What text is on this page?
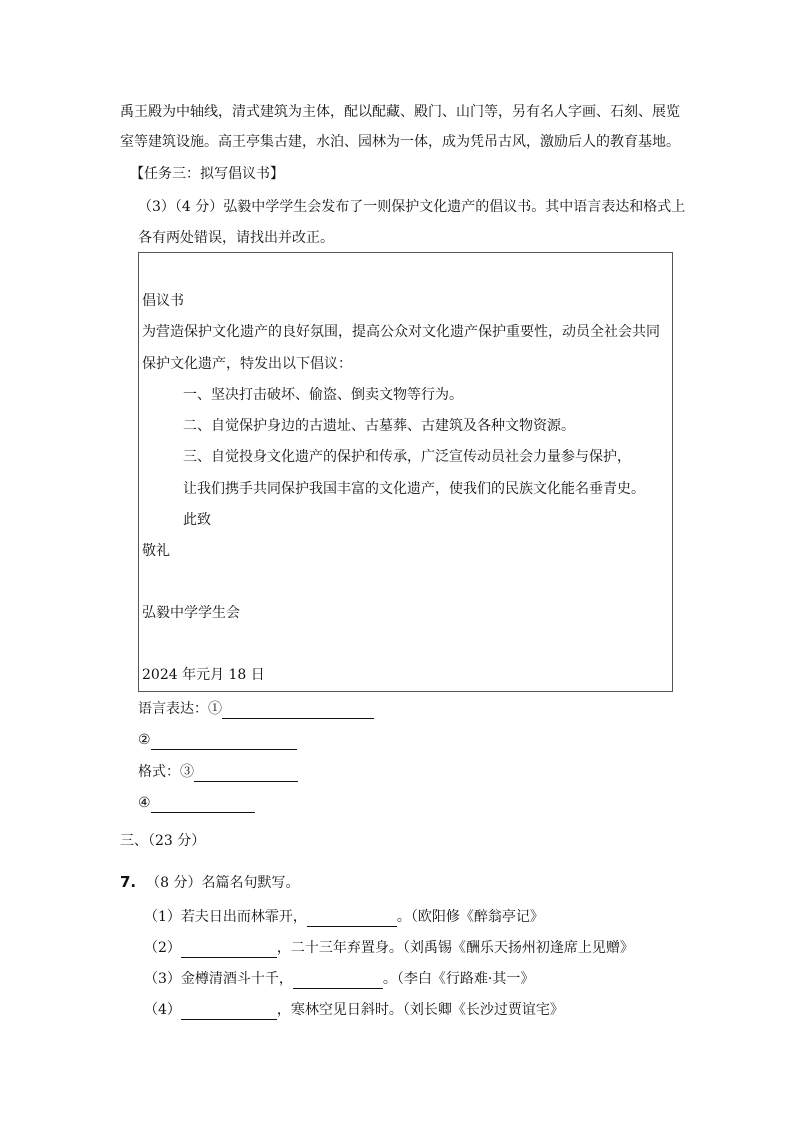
禹王殿为中轴线，清式建筑为主体，配以配藏、殿门、山门等，另有名人字画、石刻、展览
室等建筑设施。高王亭集古建，水泊、园林为一体，成为凭吊古风，激励后人的教育基地。
【任务三：拟写倡议书】
（3）（4 分）弘毅中学学生会发布了一则保护文化遗产的倡议书。其中语言表达和格式上
各有两处错误，请找出并改正。
倡议书
为营造保护文化遗产的良好氛围，提高公众对文化遗产保护重要性，动员全社会共同
保护文化遗产，特发出以下倡议：
一、坚决打击破坏、偷盗、倒卖文物等行为。
二、自觉保护身边的古遗址、古墓葬、古建筑及各种文物资源。
三、自觉投身文化遗产的保护和传承，广泛宣传动员社会力量参与保护，
让我们携手共同保护我国丰富的文化遗产，使我们的民族文化能名垂青史。
此致
敬礼
弘毅中学学生会
2024 年元月 18 日
语言表达：①
②
格式：③
④
三、（23 分）
7. （8 分）名篇名句默写。
（1）若夫日出而林霏开，	。（欧阳修《醉翁亭记》
（2）	，二十三年弃置身。（刘禹锡《酬乐天扬州初逢席上见赠》
（3）金樽清酒斗十千，	。（李白《行路难·其一》
（4）	，寒林空见日斜时。（刘长卿《长沙过贾谊宅》
